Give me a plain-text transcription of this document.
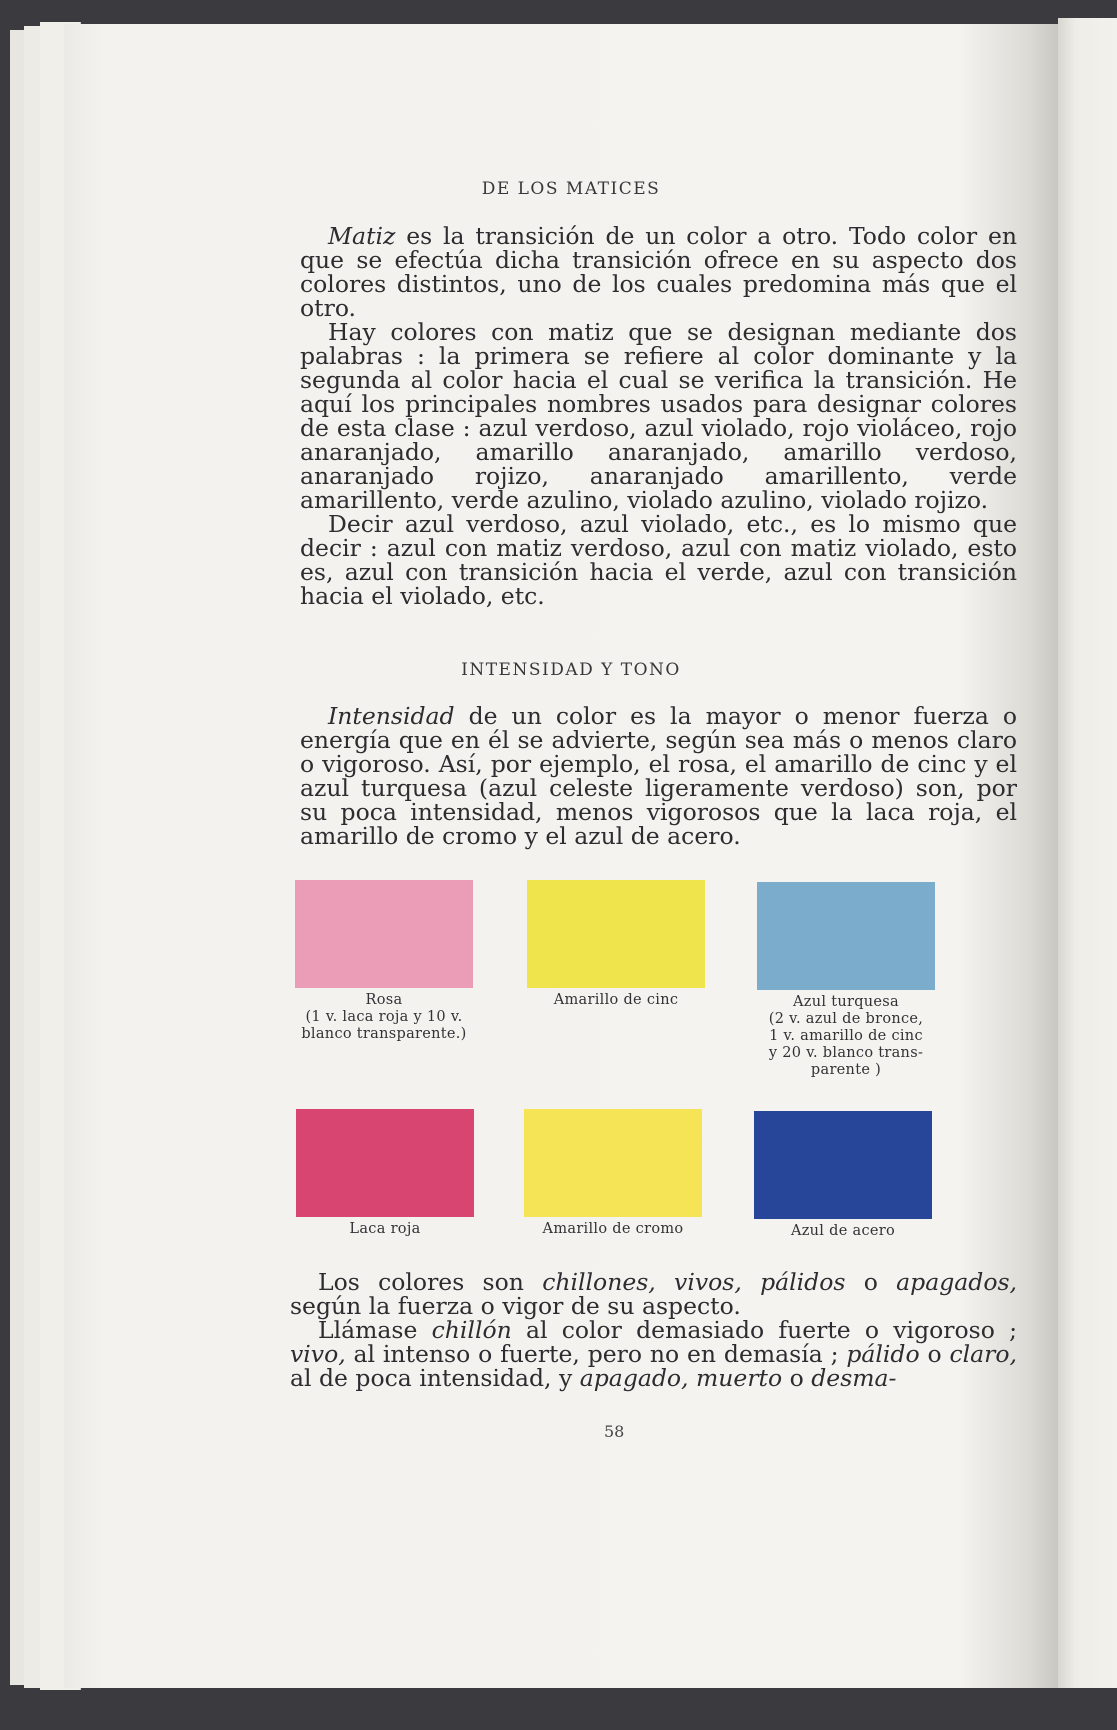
DE LOS MATICES

Matiz es la transición de un color a otro. Todo color en que se efectúa dicha transición ofrece en su aspecto dos colores distintos, uno de los cuales predomina más que el otro.

Hay colores con matiz que se designan mediante dos palabras : la primera se refiere al color dominante y la segunda al color hacia el cual se verifica la transición. He aquí los principales nombres usados para designar colores de esta clase : azul verdoso, azul violado, rojo violáceo, rojo anaranjado, amarillo anaranjado, amarillo verdoso, anaranjado rojizo, anaranjado amarillento, verde amarillento, verde azulino, violado azulino, violado rojizo.

Decir azul verdoso, azul violado, etc., es lo mismo que decir : azul con matiz verdoso, azul con matiz violado, esto es, azul con transición hacia el verde, azul con transición hacia el violado, etc.

INTENSIDAD Y TONO

Intensidad de un color es la mayor o menor fuerza o energía que en él se advierte, según sea más o menos claro o vigoroso. Así, por ejemplo, el rosa, el amarillo de cinc y el azul turquesa (azul celeste ligeramente verdoso) son, por su poca intensidad, menos vigorosos que la laca roja, el amarillo de cromo y el azul de acero.

Los colores son chillones, vivos, pálidos o apagados, según la fuerza o vigor de su aspecto.

Llámase chillón al color demasiado fuerte o vigoroso ; vivo, al intenso o fuerte, pero no en demasía ; pálido o claro, al de poca intensidad, y apagado, muerto o desma-

58
Rosa
(1 v. laca roja y 10 v.
blanco transparente.)
Amarillo de cinc	Azul turquesa
(2 v. azul de bronce,
1 v. amarillo de cinc
y 20 v. blanco trans-
parente )
Laca roja	Amarillo de cromo	Azul de acero
